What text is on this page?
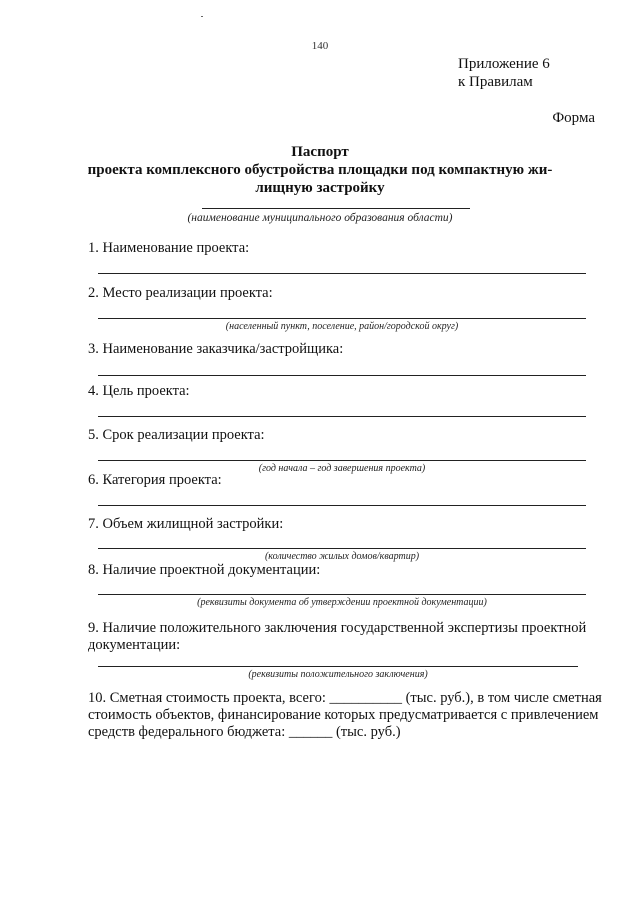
140
Приложение 6
к Правилам
Форма
Паспорт
проекта комплексного обустройства площадки под компактную жи-
лищную застройку
(наименование муниципального образования области)
1. Наименование проекта:
2. Место реализации проекта:
(населенный пункт, поселение, район/городской округ)
3. Наименование заказчика/застройщика:
4. Цель проекта:
5. Срок реализации проекта:
(год начала – год завершения проекта)
6. Категория проекта:
7. Объем жилищной застройки:
(количество жилых домов/квартир)
8. Наличие проектной документации:
(реквизиты документа об утверждении проектной документации)
9. Наличие положительного заключения государственной экспертизы проектной
документации:
(реквизиты положительного заключения)
10. Сметная стоимость проекта, всего: __________ (тыс. руб.), в том числе сметная
стоимость объектов, финансирование которых предусматривается с привлечением
средств федерального бюджета: ______ (тыс. руб.)
